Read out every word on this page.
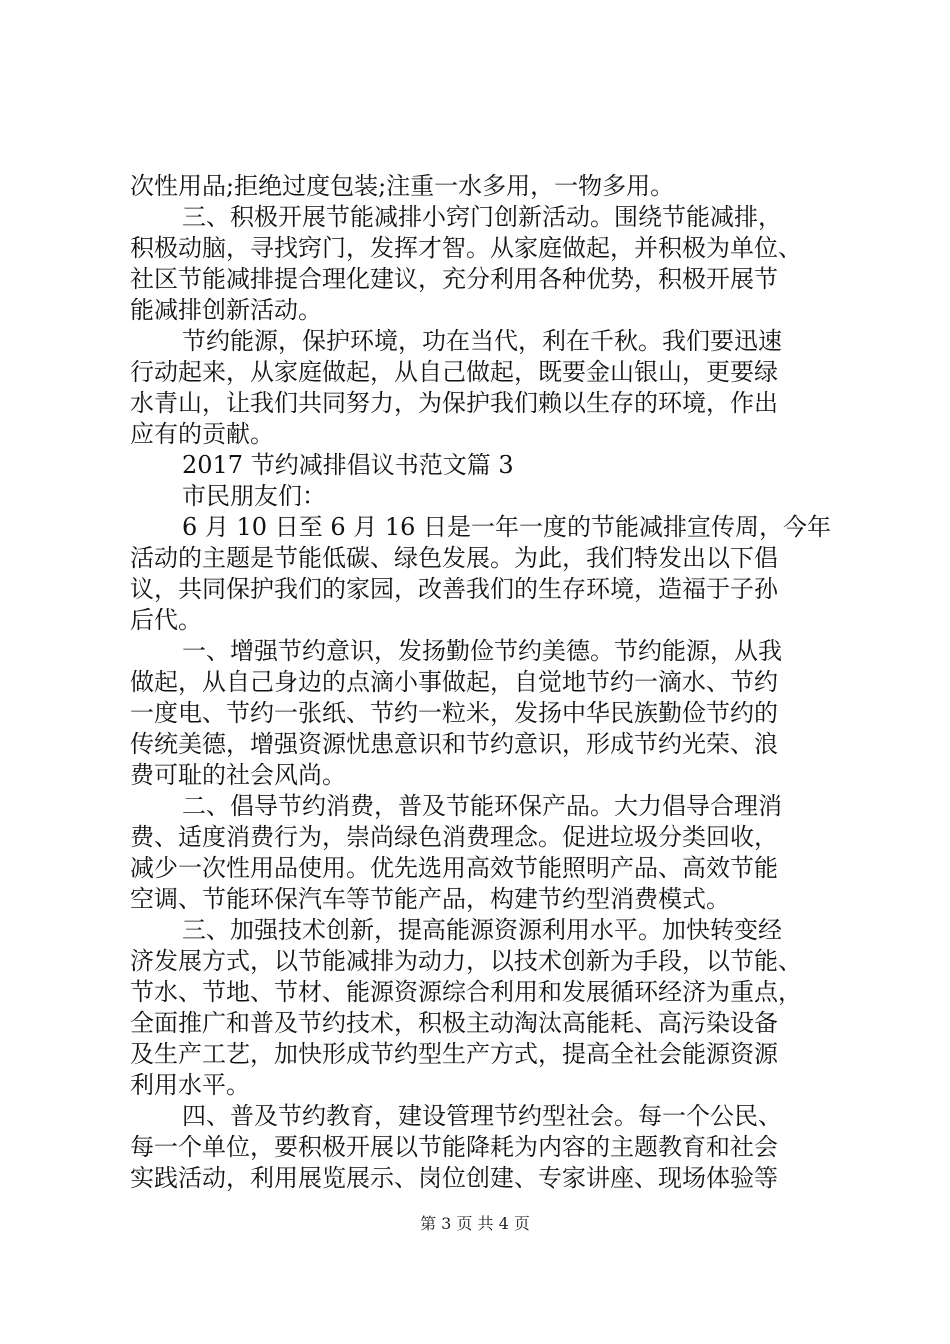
次性用品;拒绝过度包装;注重一水多用，一物多用。
三、积极开展节能减排小窍门创新活动。围绕节能减排，
积极动脑，寻找窍门，发挥才智。从家庭做起，并积极为单位、
社区节能减排提合理化建议，充分利用各种优势，积极开展节
能减排创新活动。
节约能源，保护环境，功在当代，利在千秋。我们要迅速
行动起来，从家庭做起，从自己做起，既要金山银山，更要绿
水青山，让我们共同努力，为保护我们赖以生存的环境，作出
应有的贡献。
2017 节约减排倡议书范文篇 3
市民朋友们：
6 月 10 日至 6 月 16 日是一年一度的节能减排宣传周，今年
活动的主题是节能低碳、绿色发展。为此，我们特发出以下倡
议，共同保护我们的家园，改善我们的生存环境，造福于子孙
后代。
一、增强节约意识，发扬勤俭节约美德。节约能源，从我
做起，从自己身边的点滴小事做起，自觉地节约一滴水、节约
一度电、节约一张纸、节约一粒米，发扬中华民族勤俭节约的
传统美德，增强资源忧患意识和节约意识，形成节约光荣、浪
费可耻的社会风尚。
二、倡导节约消费，普及节能环保产品。大力倡导合理消
费、适度消费行为，崇尚绿色消费理念。促进垃圾分类回收，
减少一次性用品使用。优先选用高效节能照明产品、高效节能
空调、节能环保汽车等节能产品，构建节约型消费模式。
三、加强技术创新，提高能源资源利用水平。加快转变经
济发展方式，以节能减排为动力，以技术创新为手段，以节能、
节水、节地、节材、能源资源综合利用和发展循环经济为重点，
全面推广和普及节约技术，积极主动淘汰高能耗、高污染设备
及生产工艺，加快形成节约型生产方式，提高全社会能源资源
利用水平。
四、普及节约教育，建设管理节约型社会。每一个公民、
每一个单位，要积极开展以节能降耗为内容的主题教育和社会
实践活动，利用展览展示、岗位创建、专家讲座、现场体验等
第 3 页 共 4 页
